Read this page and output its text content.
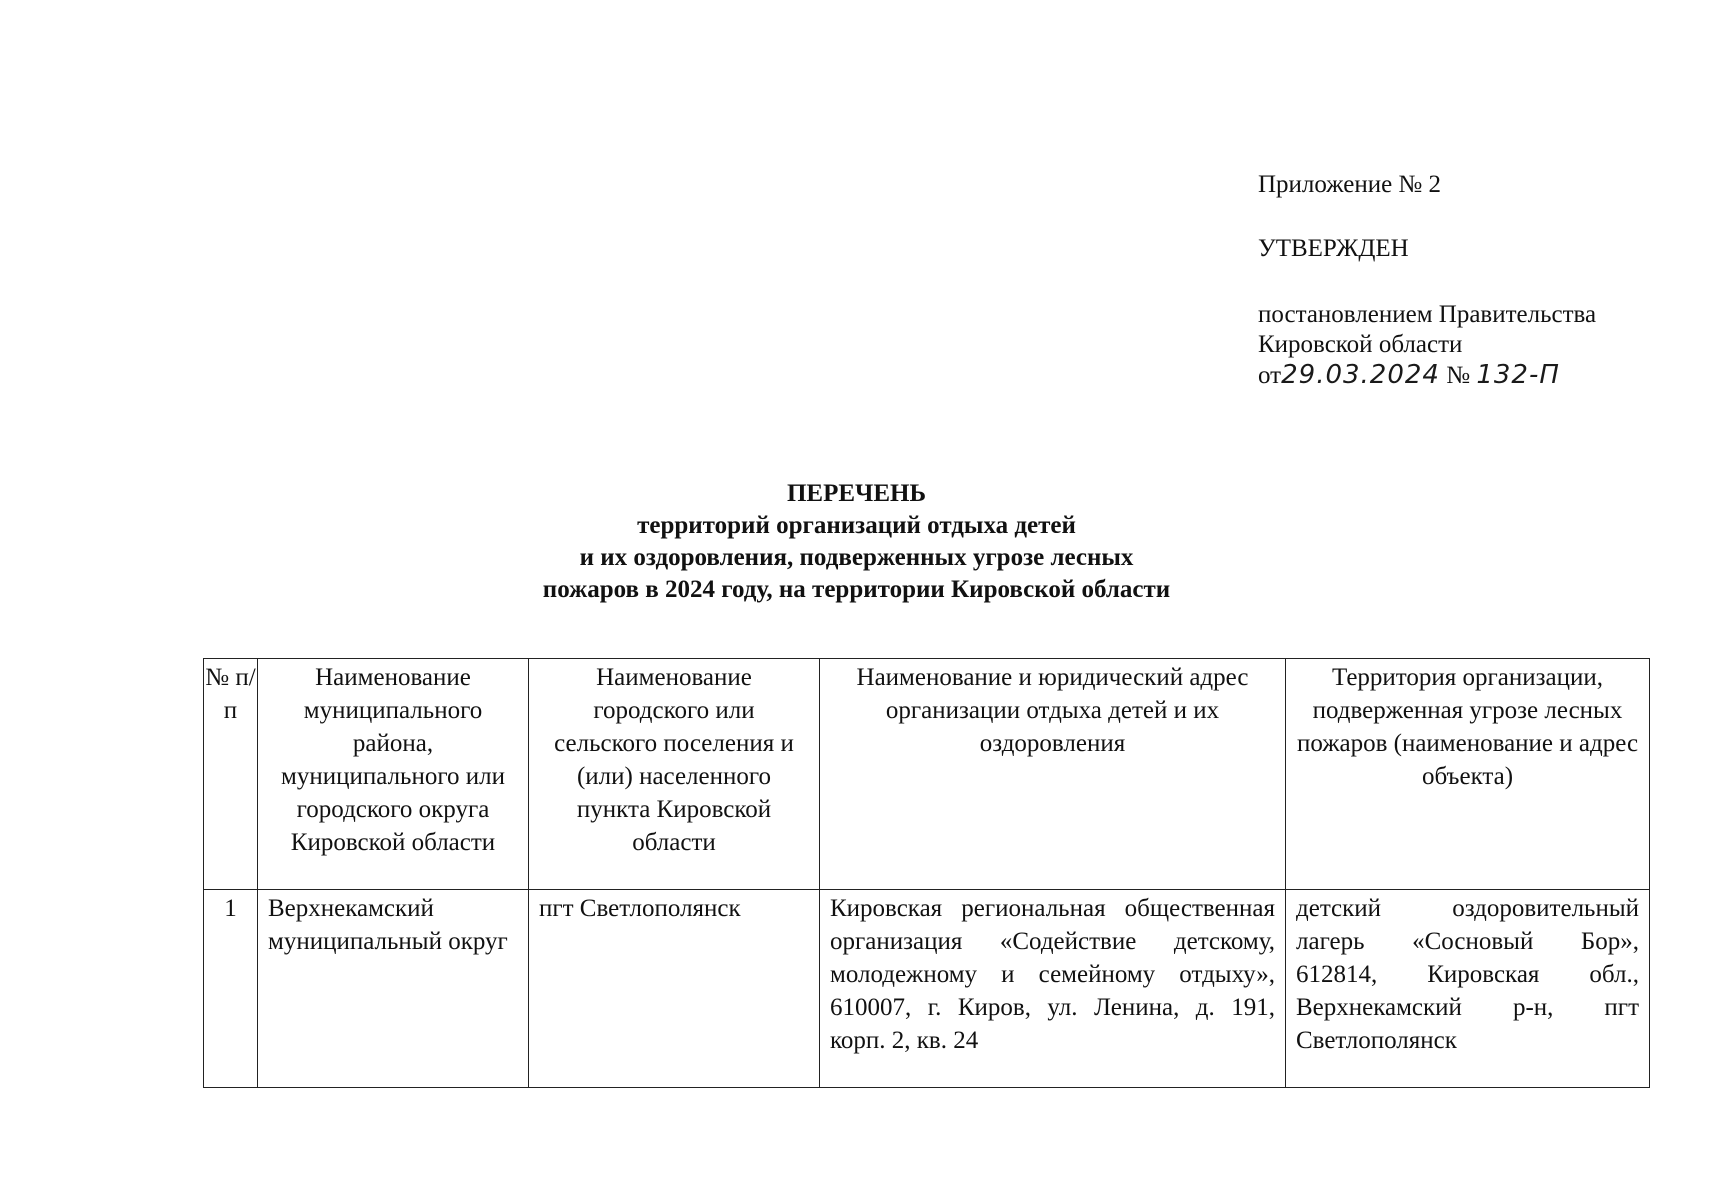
Приложение № 2

УТВЕРЖДЕН

постановлением Правительства

Кировской области

от29.03.2024 № 132-П

ПЕРЕЧЕНЬ

территорий организаций отдыха детей

и их оздоровления, подверженных угрозе лесных

пожаров в 2024 году, на территории Кировской области

№ п/п	Наименование муниципального района, муниципального или городского округа Кировской области	Наименование городского или сельского поселения и (или) населенного пункта Кировской области	Наименование и юридический адрес организации отдыха детей и их оздоровления	Территория организации, подверженная угрозе лесных пожаров (наименование и адрес объекта)
1	Верхнекамский муниципальный округ	пгт Светлополянск	Кировская региональная общественная организация «Содействие детскому, молодежному и семейному отдыху», 610007, г. Киров, ул. Ленина, д. 191, корп. 2, кв. 24	детский оздоровительный лагерь «Сосновый Бор», 612814, Кировская обл., Верхнекамский р-н, пгт Светлополянск
